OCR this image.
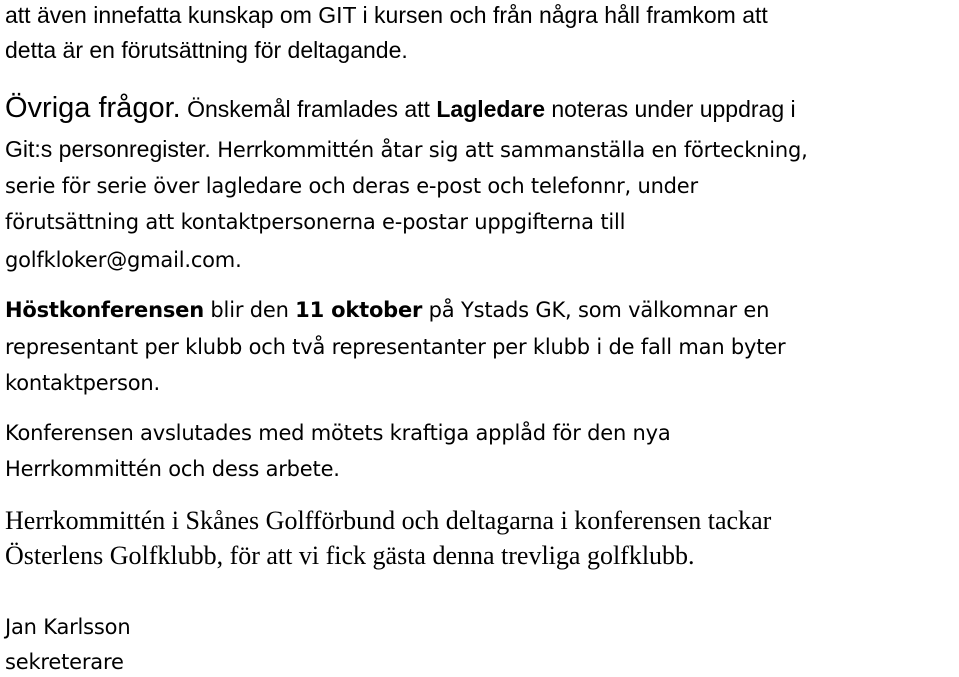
att även innefatta kunskap om GIT i kursen och från några håll framkom att
detta är en förutsättning för deltagande.
Övriga frågor. Önskemål framlades att Lagledare noteras under uppdrag i
Git:s personregister. Herrkommittén åtar sig att sammanställa en förteckning,
serie för serie över lagledare och deras e-post och telefonnr, under
förutsättning att kontaktpersonerna e-postar uppgifterna till
golfkloker@gmail.com.
Höstkonferensen blir den 11 oktober på Ystads GK, som välkomnar en
representant per klubb och två representanter per klubb i de fall man byter
kontaktperson.
Konferensen avslutades med mötets kraftiga applåd för den nya
Herrkommittén och dess arbete.
Herrkommittén i Skånes Golfförbund och deltagarna i konferensen tackar
Österlens Golfklubb, för att vi fick gästa denna trevliga golfklubb.
Jan Karlsson
sekreterare
